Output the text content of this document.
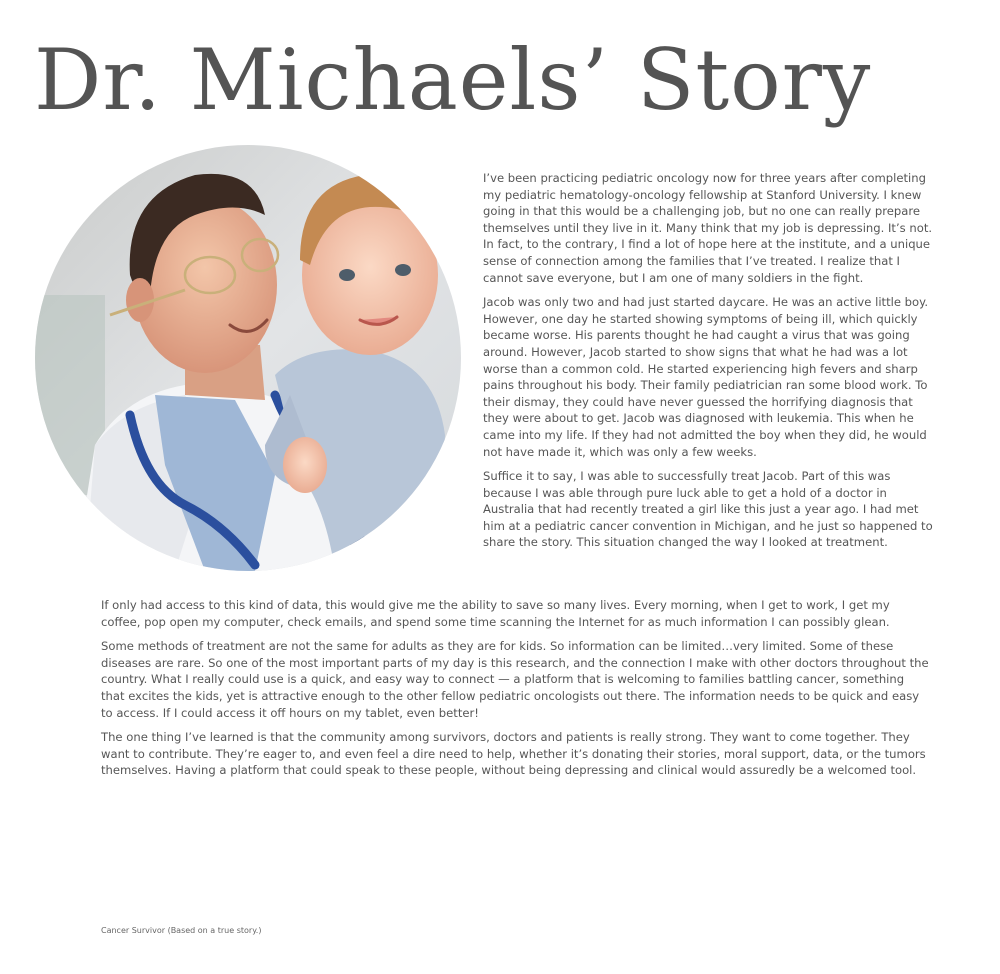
Dr. Michaels’ Story

I’ve been practicing pediatric oncology now for three years after completing my pediatric hematology-oncology fellowship at Stanford University. I knew going in that this would be a challenging job, but no one can really prepare themselves until they live in it. Many think that my job is depressing. It’s not. In fact, to the contrary, I find a lot of hope here at the institute, and a unique sense of connection among the families that I’ve treated. I realize that I cannot save everyone, but I am one of many soldiers in the fight.

Jacob was only two and had just started daycare. He was an active little boy. However, one day he started showing symptoms of being ill, which quickly became worse. His parents thought he had caught a virus that was going around. However, Jacob started to show signs that what he had was a lot worse than a common cold. He started experiencing high fevers and sharp pains throughout his body. Their family pediatrician ran some blood work. To their dismay, they could have never guessed the horrifying diagnosis that they were about to get. Jacob was diagnosed with leukemia. This when he came into my life. If they had not admitted the boy when they did, he would not have made it, which was only a few weeks.

Suffice it to say, I was able to successfully treat Jacob. Part of this was because I was able through pure luck able to get a hold of a doctor in Australia that had recently treated a girl like this just a year ago. I had met him at a pediatric cancer convention in Michigan, and he just so happened to share the story. This situation changed the way I looked at treatment.

If only had access to this kind of data, this would give me the ability to save so many lives. Every morning, when I get to work, I get my coffee, pop open my computer, check emails, and spend some time scanning the Internet for as much information I can possibly glean.

Some methods of treatment are not the same for adults as they are for kids. So information can be limited…very limited. Some of these diseases are rare. So one of the most important parts of my day is this research, and the connection I make with other doctors throughout the country. What I really could use is a quick, and easy way to connect — a platform that is welcoming to families battling cancer, something that excites the kids, yet is attractive enough to the other fellow pediatric oncologists out there. The information needs to be quick and easy to access. If I could access it off hours on my tablet, even better!

The one thing I’ve learned is that the community among survivors, doctors and patients is really strong. They want to come together. They want to contribute. They’re eager to, and even feel a dire need to help, whether it’s donating their stories, moral support, data, or the tumors themselves. Having a platform that could speak to these people, without being depressing and clinical would assuredly be a welcomed tool.

Cancer Survivor (Based on a true story.)
